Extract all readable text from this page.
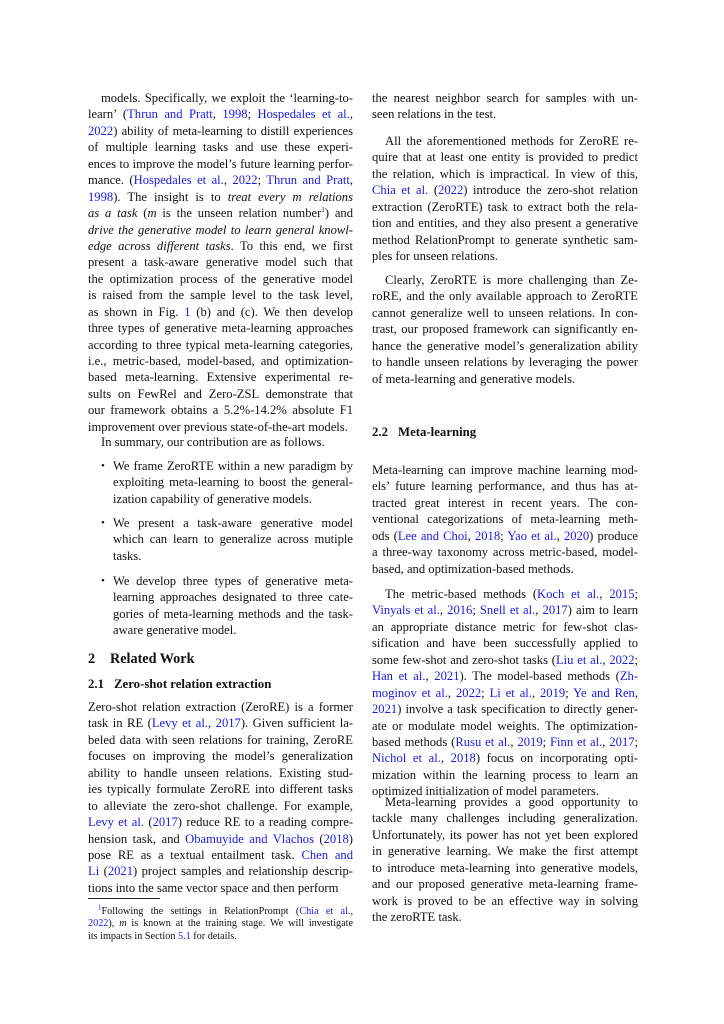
models. Specifically, we exploit the ‘learning-to-
learn’ (Thrun and Pratt, 1998; Hospedales et al.,
2022) ability of meta-learning to distill experiences
of multiple learning tasks and use these experi-
ences to improve the model’s future learning perfor-
mance. (Hospedales et al., 2022; Thrun and Pratt,
1998). The insight is to treat every m relations
as a task (m is the unseen relation number$^1$) and
drive the generative model to learn general knowl-
edge across different tasks. To this end, we first
present a task-aware generative model such that
the optimization process of the generative model
is raised from the sample level to the task level,
as shown in Fig. 1 (b) and (c). We then develop
three types of generative meta-learning approaches
according to three typical meta-learning categories,
i.e., metric-based, model-based, and optimization-
based meta-learning. Extensive experimental re-
sults on FewRel and Zero-ZSL demonstrate that
our framework obtains a 5.2%-14.2% absolute F1
improvement over previous state-of-the-art models.
In summary, our contribution are as follows.
• We frame ZeroRTE within a new paradigm by
exploiting meta-learning to boost the general-
ization capability of generative models.
• We present a task-aware generative model
which can learn to generalize across mutiple
tasks.
• We develop three types of generative meta-
learning approaches designated to three cate-
gories of meta-learning methods and the task-
aware generative model.
2 Related Work
2.1 Zero-shot relation extraction
Zero-shot relation extraction (ZeroRE) is a former
task in RE (Levy et al., 2017). Given sufficient la-
beled data with seen relations for training, ZeroRE
focuses on improving the model’s generalization
ability to handle unseen relations. Existing stud-
ies typically formulate ZeroRE into different tasks
to alleviate the zero-shot challenge. For example,
Levy et al. (2017) reduce RE to a reading compre-
hension task, and Obamuyide and Vlachos (2018)
pose RE as a textual entailment task. Chen and
Li (2021) project samples and relationship descrip-
tions into the same vector space and then perform
$^1$Following the settings in RelationPrompt (Chia et al.,
2022), m is known at the training stage. We will investigate
its impacts in Section 5.1 for details.
the nearest neighbor search for samples with un-
seen relations in the test.
All the aforementioned methods for ZeroRE re-
quire that at least one entity is provided to predict
the relation, which is impractical. In view of this,
Chia et al. (2022) introduce the zero-shot relation
extraction (ZeroRTE) task to extract both the rela-
tion and entities, and they also present a generative
method RelationPrompt to generate synthetic sam-
ples for unseen relations.
Clearly, ZeroRTE is more challenging than Ze-
roRE, and the only available approach to ZeroRTE
cannot generalize well to unseen relations. In con-
trast, our proposed framework can significantly en-
hance the generative model’s generalization ability
to handle unseen relations by leveraging the power
of meta-learning and generative models.
2.2 Meta-learning
Meta-learning can improve machine learning mod-
els’ future learning performance, and thus has at-
tracted great interest in recent years. The con-
ventional categorizations of meta-learning meth-
ods (Lee and Choi, 2018; Yao et al., 2020) produce
a three-way taxonomy across metric-based, model-
based, and optimization-based methods.
The metric-based methods (Koch et al., 2015;
Vinyals et al., 2016; Snell et al., 2017) aim to learn
an appropriate distance metric for few-shot clas-
sification and have been successfully applied to
some few-shot and zero-shot tasks (Liu et al., 2022;
Han et al., 2021). The model-based methods (Zh-
moginov et al., 2022; Li et al., 2019; Ye and Ren,
2021) involve a task specification to directly gener-
ate or modulate model weights. The optimization-
based methods (Rusu et al., 2019; Finn et al., 2017;
Nichol et al., 2018) focus on incorporating opti-
mization within the learning process to learn an
optimized initialization of model parameters.
Meta-learning provides a good opportunity to
tackle many challenges including generalization.
Unfortunately, its power has not yet been explored
in generative learning. We make the first attempt
to introduce meta-learning into generative models,
and our proposed generative meta-learning frame-
work is proved to be an effective way in solving
the zeroRTE task.
